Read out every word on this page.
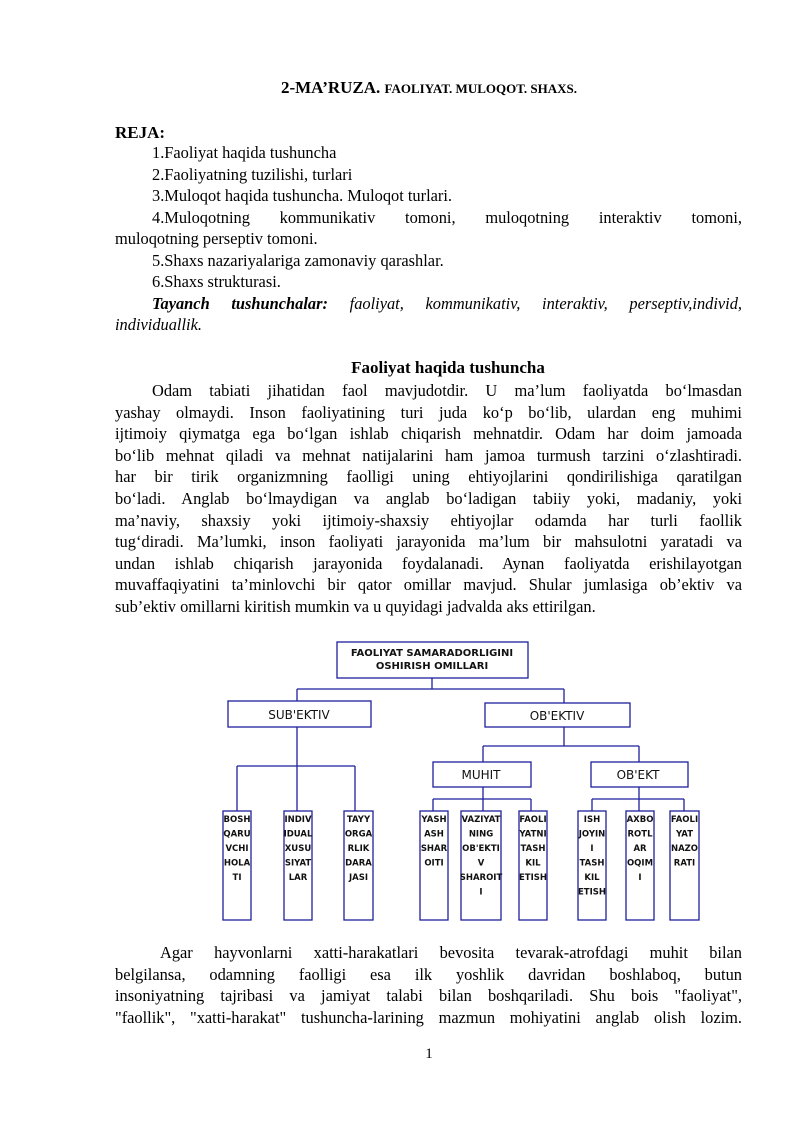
2-MA’RUZA. FAOLIYAT. MULOQOT. SHAXS.
REJA:
1.Faoliyat haqida tushuncha
2.Faoliyatning tuzilishi, turlari
3.Muloqot haqida tushuncha. Muloqot turlari.
4.Muloqotning kommunikativ tomoni, muloqotning interaktiv tomoni,
muloqotning perseptiv tomoni.
5.Shaxs nazariyalariga zamonaviy qarashlar.
6.Shaxs strukturasi.
Tayanch tushunchalar: faoliyat, kommunikativ, interaktiv, perseptiv,individ,
individuallik.
Faoliyat haqida tushuncha
Odam tabiati jihatidan faol mavjudotdir. U ma’lum faoliyatda bo‘lmasdan
yashay olmaydi. Inson faoliyatining turi juda ko‘p bo‘lib, ulardan eng muhimi
ijtimoiy qiymatga ega bo‘lgan ishlab chiqarish mehnatdir. Odam har doim jamoada
bo‘lib mehnat qiladi va mehnat natijalarini ham jamoa turmush tarzini o‘zlashtiradi.
har bir tirik organizmning faolligi uning ehtiyojlarini qondirilishiga qaratilgan
bo‘ladi. Anglab bo‘lmaydigan va anglab bo‘ladigan tabiiy yoki, madaniy, yoki
ma’naviy, shaxsiy yoki ijtimoiy-shaxsiy ehtiyojlar odamda har turli faollik
tug‘diradi. Ma’lumki, inson faoliyati jarayonida ma’lum bir mahsulotni yaratadi va
undan ishlab chiqarish jarayonida foydalanadi. Aynan faoliyatda erishilayotgan
muvaffaqiyatini ta’minlovchi bir qator omillar mavjud. Shular jumlasiga ob’ektiv va
sub’ektiv omillarni kiritish mumkin va u quyidagi jadvalda aks ettirilgan.
FAOLIYAT SAMARADORLIGINI
OSHIRISH OMILLARI
SUB'EKTIV	OB'EKTIV
MUHIT	OB'EKT
BOSH
QARU
VCHI
HOLA
TI
INDIV
IDUAL
XUSU
SIYAT
LAR
TAYY
ORGA
RLIK
DARA
JASI
YASH
ASH
SHAR
OITI
VAZIYAT
NING
OB'EKTI
V
SHAROIT
I
FAOLI
YATNI
TASH
KIL
ETISH
ISH
JOYIN
I
TASH
KIL
ETISH
AXBO
ROTL
AR
OQIM
I
FAOLI
YAT
NAZO
RATI
Agar hayvonlarni xatti-harakatlari bevosita tevarak-atrofdagi muhit bilan
belgilansa, odamning faolligi esa ilk yoshlik davridan boshlaboq, butun
insoniyatning tajribasi va jamiyat talabi bilan boshqariladi. Shu bois "faoliyat",
"faollik", "xatti-harakat" tushuncha-larining mazmun mohiyatini anglab olish lozim.
1
